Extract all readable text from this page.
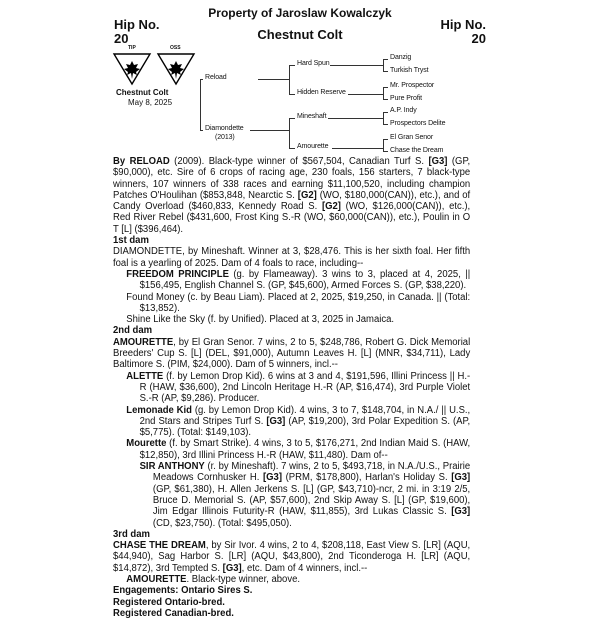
Property of Jaroslaw Kowalczyk
Hip No.
20
Hip No.
20
Chestnut Colt
TIP	OSS
Chestnut Colt
May 8, 2025
Reload
Diamondette
(2013)
Hard Spun
Hidden Reserve
Mineshaft
Amourette
Danzig
Turkish Tryst
Mr. Prospector
Pure Profit
A.P. Indy
Prospectors Delite
El Gran Senor
Chase the Dream

By RELOAD (2009). Black-type winner of $567,504, Canadian Turf S. [G3] (GP, $90,000), etc. Sire of 6 crops of racing age, 230 foals, 156 starters, 7 black-type winners, 107 winners of 338 races and earning $11,100,520, including champion Patches O'Houlihan ($853,848, Nearctic S. [G2] (WO, $180,000(CAN)), etc.), and of Candy Overload ($460,833, Kennedy Road S. [G2] (WO, $126,000(CAN)), etc.), Red River Rebel ($431,600, Frost King S.-R (WO, $60,000(CAN)), etc.), Poulin in O T [L] ($396,464).

1st dam

DIAMONDETTE, by Mineshaft. Winner at 3, $28,476. This is her sixth foal. Her fifth foal is a yearling of 2025. Dam of 4 foals to race, including--

FREEDOM PRINCIPLE (g. by Flameaway). 3 wins to 3, placed at 4, 2025, || $156,495, English Channel S. (GP, $45,600), Armed Forces S. (GP, $38,220).

Found Money (c. by Beau Liam). Placed at 2, 2025, $19,250, in Canada. || (Total: $13,852).

Shine Like the Sky (f. by Unified). Placed at 3, 2025 in Jamaica.

2nd dam

AMOURETTE, by El Gran Senor. 7 wins, 2 to 5, $248,786, Robert G. Dick Memorial Breeders' Cup S. [L] (DEL, $91,000), Autumn Leaves H. [L] (MNR, $34,711), Lady Baltimore S. (PIM, $24,000). Dam of 5 winners, incl.--

ALETTE (f. by Lemon Drop Kid). 6 wins at 3 and 4, $191,596, Illini Princess || H.-R (HAW, $36,600), 2nd Lincoln Heritage H.-R (AP, $16,474), 3rd Purple Violet S.-R (AP, $9,286). Producer.

Lemonade Kid (g. by Lemon Drop Kid). 4 wins, 3 to 7, $148,704, in N.A./ || U.S., 2nd Stars and Stripes Turf S. [G3] (AP, $19,200), 3rd Polar Expedition S. (AP, $5,775). (Total: $149,103).

Mourette (f. by Smart Strike). 4 wins, 3 to 5, $176,271, 2nd Indian Maid S. (HAW, $12,850), 3rd Illini Princess H.-R (HAW, $11,480). Dam of--

SIR ANTHONY (r. by Mineshaft). 7 wins, 2 to 5, $493,718, in N.A./U.S., Prairie Meadows Cornhusker H. [G3] (PRM, $178,800), Harlan's Holiday S. [G3] (GP, $61,380), H. Allen Jerkens S. [L] (GP, $43,710)-ncr, 2 mi. in 3:19 2/5, Bruce D. Memorial S. (AP, $57,600), 2nd Skip Away S. [L] (GP, $19,600), Jim Edgar Illinois Futurity-R (HAW, $11,855), 3rd Lukas Classic S. [G3] (CD, $23,750). (Total: $495,050).

3rd dam

CHASE THE DREAM, by Sir Ivor. 4 wins, 2 to 4, $208,118, East View S. [LR] (AQU, $44,940), Sag Harbor S. [LR] (AQU, $43,800), 2nd Ticonderoga H. [LR] (AQU, $14,872), 3rd Tempted S. [G3], etc. Dam of 4 winners, incl.--

AMOURETTE. Black-type winner, above.

Engagements: Ontario Sires S.

Registered Ontario-bred.

Registered Canadian-bred.
